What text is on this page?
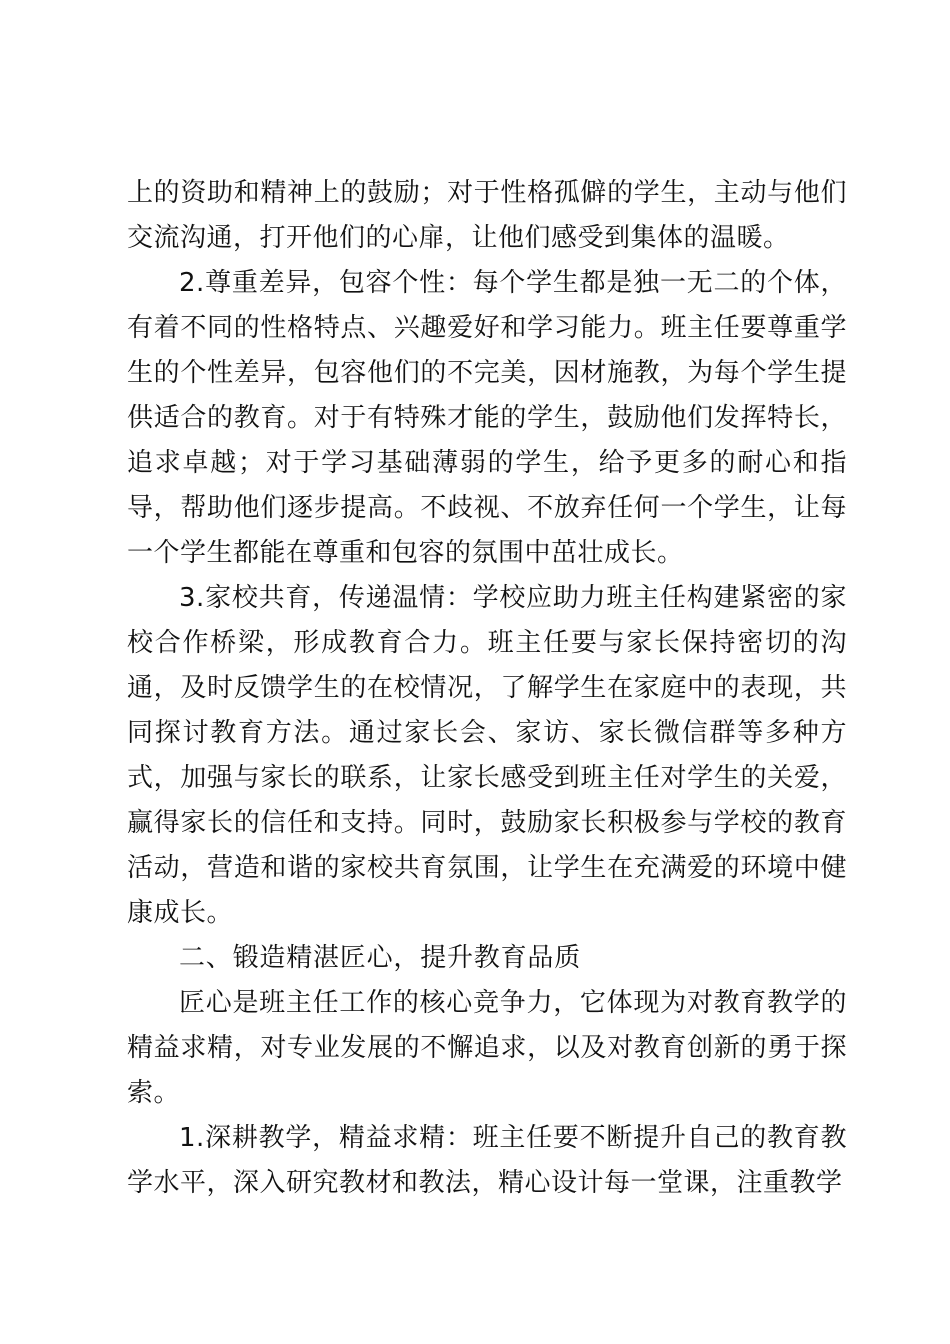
上的资助和精神上的鼓励；对于性格孤僻的学生，主动与他们交流沟通，打开他们的心扉，让他们感受到集体的温暖。

2.尊重差异，包容个性：每个学生都是独一无二的个体，有着不同的性格特点、兴趣爱好和学习能力。班主任要尊重学生的个性差异，包容他们的不完美，因材施教，为每个学生提供适合的教育。对于有特殊才能的学生，鼓励他们发挥特长，追求卓越；对于学习基础薄弱的学生，给予更多的耐心和指导，帮助他们逐步提高。不歧视、不放弃任何一个学生，让每一个学生都能在尊重和包容的氛围中茁壮成长。

3.家校共育，传递温情：学校应助力班主任构建紧密的家校合作桥梁，形成教育合力。班主任要与家长保持密切的沟通，及时反馈学生的在校情况，了解学生在家庭中的表现，共同探讨教育方法。通过家长会、家访、家长微信群等多种方式，加强与家长的联系，让家长感受到班主任对学生的关爱，赢得家长的信任和支持。同时，鼓励家长积极参与学校的教育活动，营造和谐的家校共育氛围，让学生在充满爱的环境中健康成长。

二、锻造精湛匠心，提升教育品质

匠心是班主任工作的核心竞争力，它体现为对教育教学的精益求精，对专业发展的不懈追求，以及对教育创新的勇于探索。

1.深耕教学，精益求精：班主任要不断提升自己的教育教学水平，深入研究教材和教法，精心设计每一堂课，注重教学
